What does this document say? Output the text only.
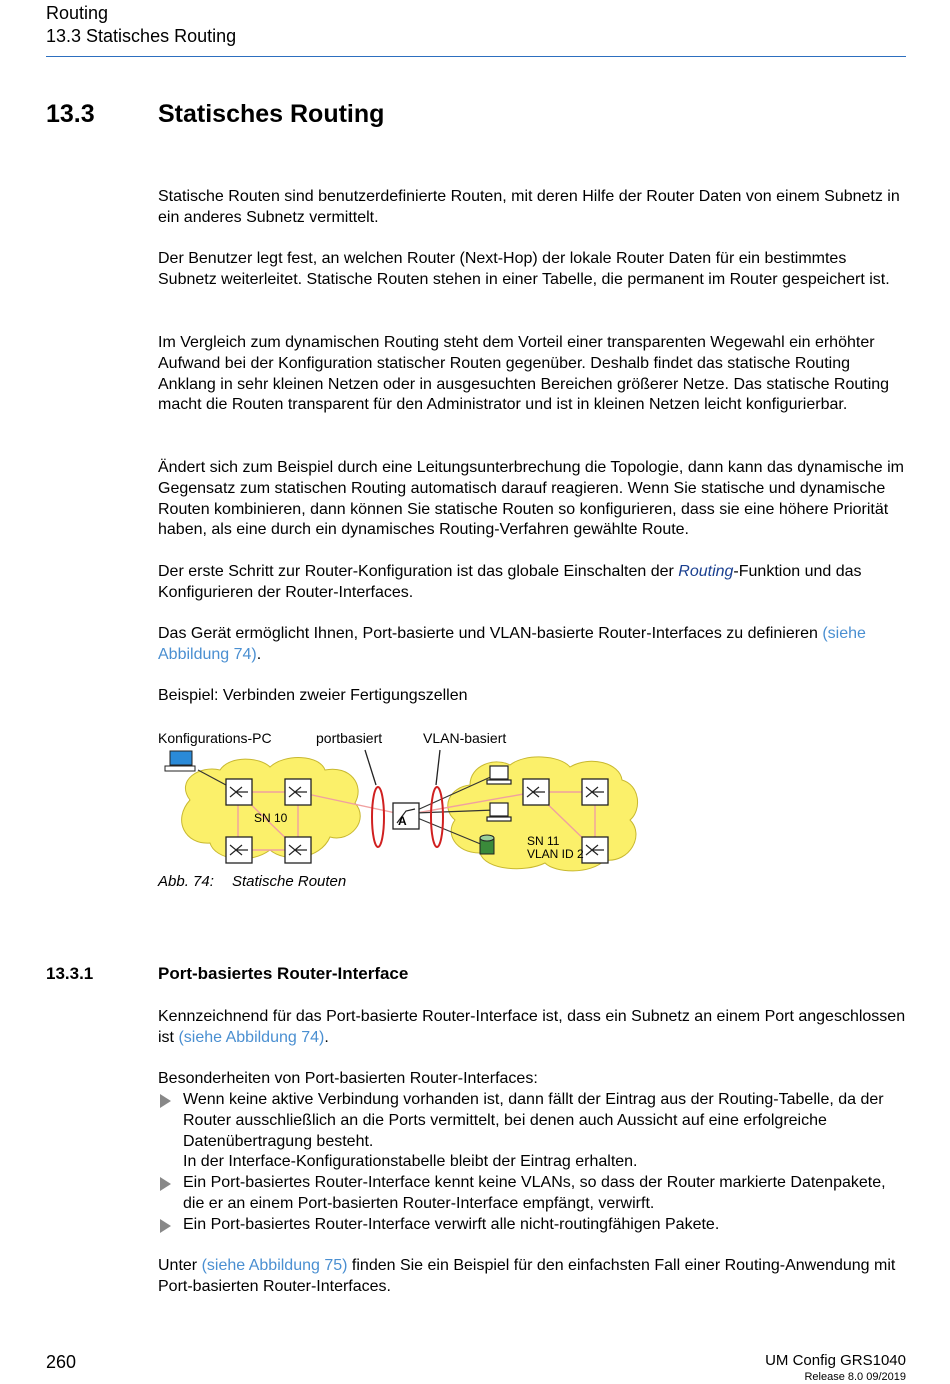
Routing
13.3 Statisches Routing
13.3	Statisches Routing

Statische Routen sind benutzerdefinierte Routen, mit deren Hilfe der Router Daten von einem Subnetz in ein anderes Subnetz vermittelt.

Der Benutzer legt fest, an welchen Router (Next-Hop) der lokale Router Daten für ein bestimmtes Subnetz weiterleitet. Statische Routen stehen in einer Tabelle, die permanent im Router gespeichert ist.

Im Vergleich zum dynamischen Routing steht dem Vorteil einer transparenten Wegewahl ein erhöhter Aufwand bei der Konfiguration statischer Routen gegenüber. Deshalb findet das statische Routing Anklang in sehr kleinen Netzen oder in ausgesuchten Bereichen größerer Netze. Das statische Routing macht die Routen transparent für den Administrator und ist in kleinen Netzen leicht konfigurierbar.

Ändert sich zum Beispiel durch eine Leitungsunterbrechung die Topologie, dann kann das dynamische im Gegensatz zum statischen Routing automatisch darauf reagieren. Wenn Sie statische und dynamische Routen kombinieren, dann können Sie statische Routen so konfigurieren, dass sie eine höhere Priorität haben, als eine durch ein dynamisches Routing-Verfahren gewählte Route.

Der erste Schritt zur Router-Konfiguration ist das globale Einschalten der Routing-Funktion und das Konfigurieren der Router-Interfaces.

Das Gerät ermöglicht Ihnen, Port-basierte und VLAN-basierte Router-Interfaces zu definieren (siehe Abbildung 74).

Beispiel: Verbinden zweier Fertigungszellen

Konfigurations-PC	portbasiert	VLAN-basiert
SN 10	A
SN 11
VLAN ID 2
Abb. 74: Statische Routen
13.3.1	Port-basiertes Router-Interface

Kennzeichnend für das Port-basierte Router-Interface ist, dass ein Subnetz an einem Port angeschlossen ist (siehe Abbildung 74).

Besonderheiten von Port-basierten Router-Interfaces:

Wenn keine aktive Verbindung vorhanden ist, dann fällt der Eintrag aus der Routing-Tabelle, da der Router ausschließlich an die Ports vermittelt, bei denen auch Aussicht auf eine erfolgreiche Datenübertragung besteht.
In der Interface-Konfigurationstabelle bleibt der Eintrag erhalten.
Ein Port-basiertes Router-Interface kennt keine VLANs, so dass der Router markierte Datenpakete, die er an einem Port-basierten Router-Interface empfängt, verwirft.
Ein Port-basiertes Router-Interface verwirft alle nicht-routingfähigen Pakete.

Unter (siehe Abbildung 75) finden Sie ein Beispiel für den einfachsten Fall einer Routing-Anwendung mit Port-basierten Router-Interfaces.

260	UM Config GRS1040
Release 8.0 09/2019
